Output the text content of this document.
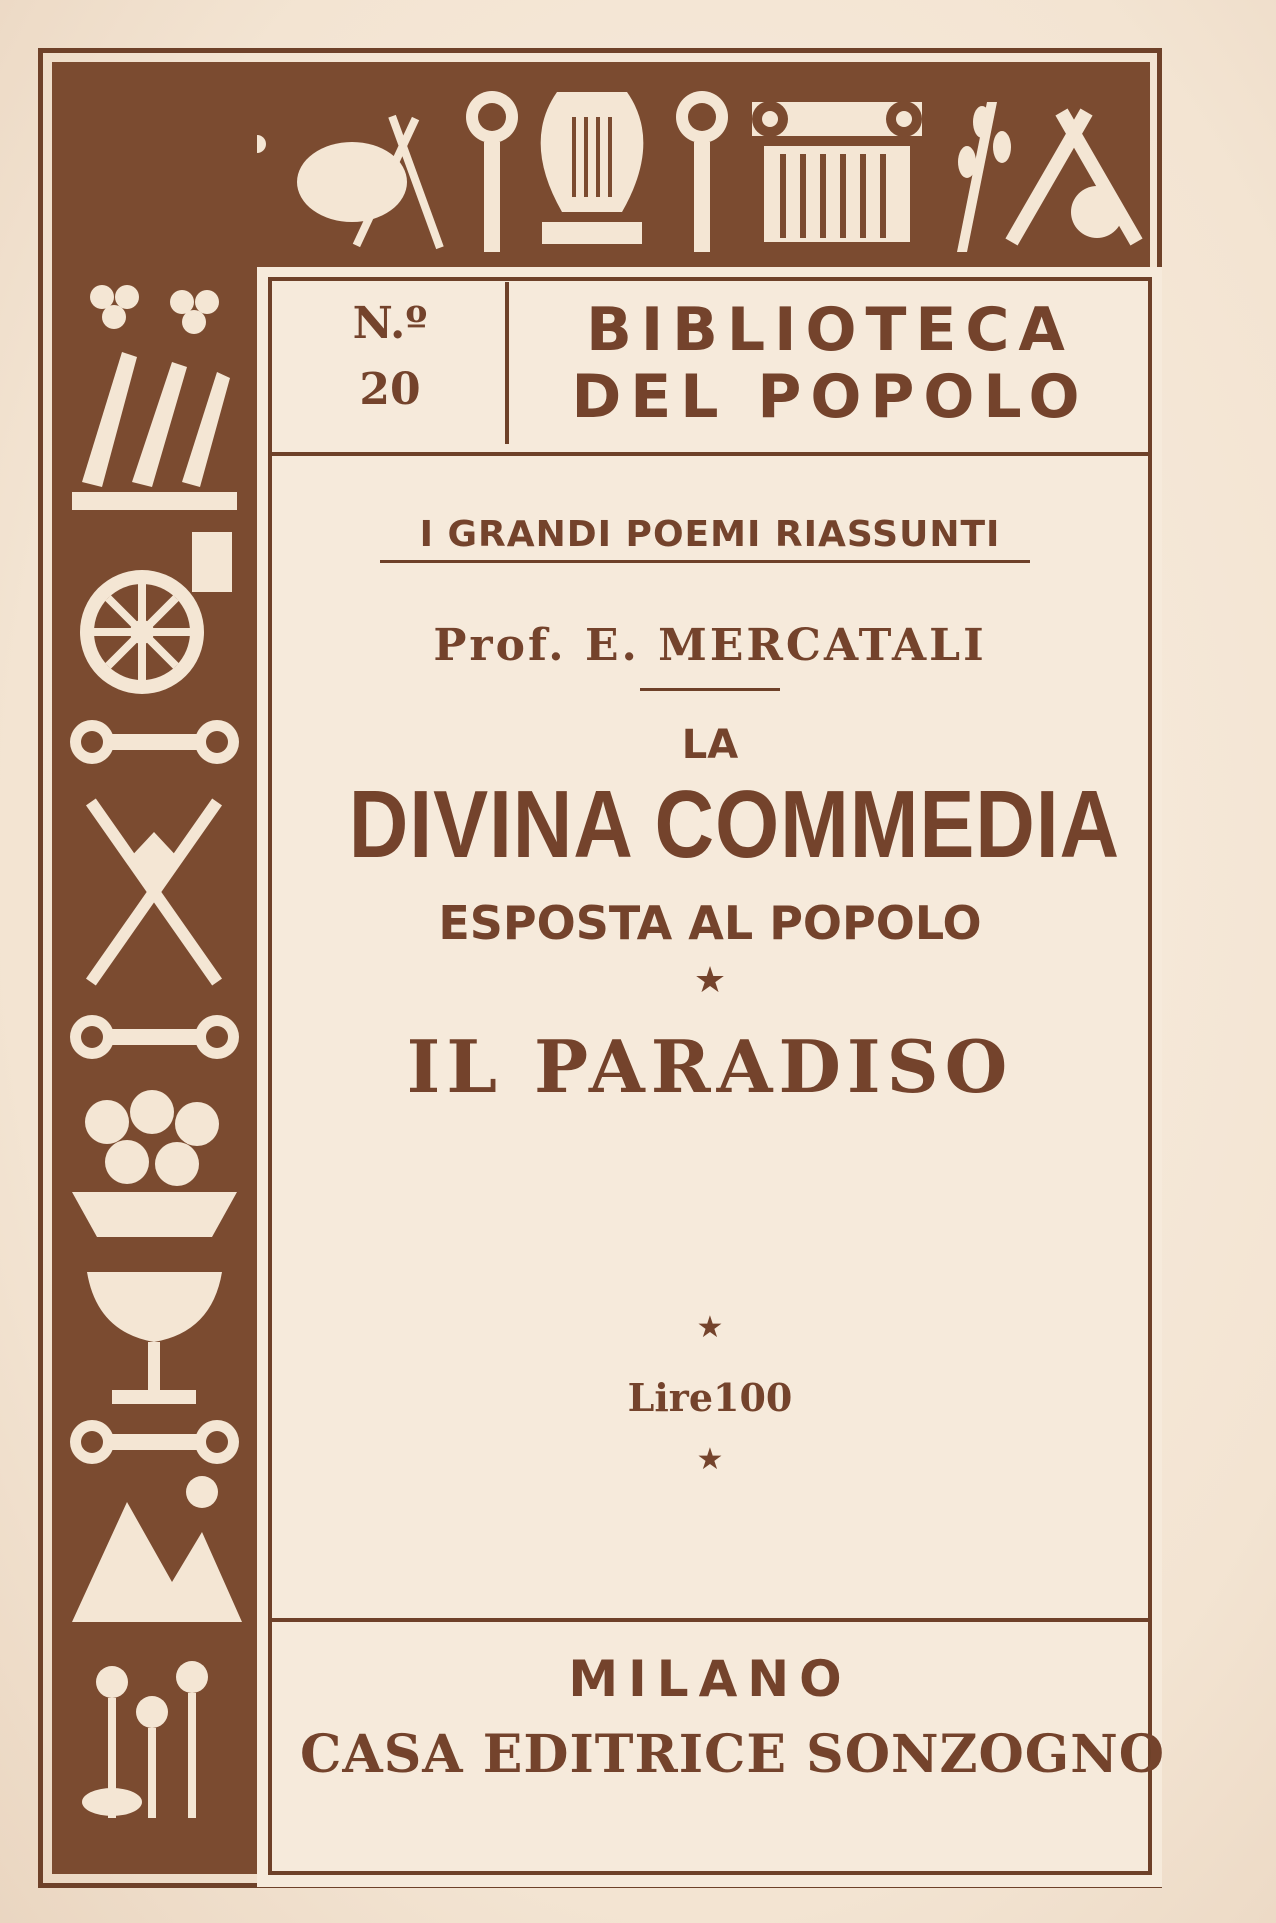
N.º
20
BIBLIOTECA
DEL POPOLO
I GRANDI POEMI RIASSUNTI
Prof. E. MERCATALI
LA
DIVINA COMMEDIA
ESPOSTA AL POPOLO
★
IL PARADISO
★
Lire100
★
MILANO
CASA EDITRICE SONZOGNO
